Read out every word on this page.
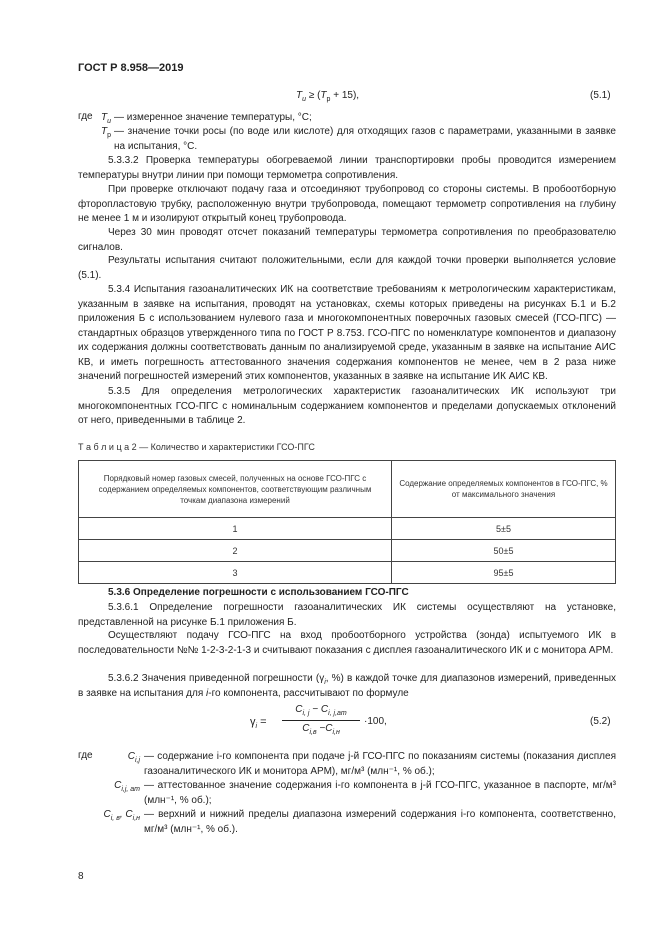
ГОСТ Р 8.958—2019
$T_и \ge (T_р + 15)$,	(5.1)
где $T_и$ — измеренное значение температуры, °С;
$T_р$ — значение точки росы (по воде или кислоте) для отходящих газов с параметрами, указанными в заявке на испытания, °С.
5.3.3.2 Проверка температуры обогреваемой линии транспортировки пробы проводится измерением температуры внутри линии при помощи термометра сопротивления.
При проверке отключают подачу газа и отсоединяют трубопровод со стороны системы. В пробоотборную фторопластовую трубку, расположенную внутри трубопровода, помещают термометр сопротивления на глубину не менее 1 м и изолируют открытый конец трубопровода.
Через 30 мин проводят отсчет показаний температуры термометра сопротивления по преобразователю сигналов.
Результаты испытания считают положительными, если для каждой точки проверки выполняется условие (5.1).
5.3.4 Испытания газоаналитических ИК на соответствие требованиям к метрологическим характеристикам, указанным в заявке на испытания, проводят на установках, схемы которых приведены на рисунках Б.1 и Б.2 приложения Б с использованием нулевого газа и многокомпонентных поверочных газовых смесей (ГСО-ПГС) — стандартных образцов утвержденного типа по ГОСТ Р 8.753. ГСО-ПГС по номенклатуре компонентов и диапазону их содержания должны соответствовать данным по анализируемой среде, указанным в заявке на испытание АИС КВ, и иметь погрешность аттестованного значения содержания компонентов не менее, чем в 2 раза ниже значений погрешностей измерений этих компонентов, указанных в заявке на испытание ИК АИС КВ.
5.3.5 Для определения метрологических характеристик газоаналитических ИК используют три многокомпонентных ГСО-ПГС с номинальным содержанием компонентов и пределами допускаемых отклонений от него, приведенными в таблице 2.
Т а б л и ц а 2 — Количество и характеристики ГСО-ПГС
Порядковый номер газовых смесей, полученных на основе ГСО-ПГС с содержанием определяемых компонентов, соответствующим различным точкам диапазона измерений	Содержание определяемых компонентов в ГСО-ПГС, % от максимального значения
1	5±5
2	50±5
3	95±5
5.3.6 Определение погрешности с использованием ГСО-ПГС
5.3.6.1 Определение погрешности газоаналитических ИК системы осуществляют на установке, представленной на рисунке Б.1 приложения Б.
Осуществляют подачу ГСО-ПГС на вход пробоотборного устройства (зонда) испытуемого ИК в последовательности №№ 1-2-3-2-1-3 и считывают показания с дисплея газоаналитического ИК и с монитора АРМ.
5.3.6.2 Значения приведенной погрешности ($\gamma_i$, %) в каждой точке для диапазонов измерений, приведенных в заявке на испытания для i-го компонента, рассчитывают по формуле
$\gamma_i$ =
$C_{i, j} - C_{i, j,ат}$
$C_{i,в} -C_{i,н}$
·100,	(5.2)
где	$C_{i,j}$ — содержание i-го компонента при подаче j-й ГСО-ПГС по показаниям системы (показания дисплея газоаналитического ИК и монитора АРМ), мг/м³ (млн⁻¹, % об.);
$C_{i,j, ат}$ — аттестованное значение содержания i-го компонента в j-й ГСО-ПГС, указанное в паспорте, мг/м³ (млн⁻¹, % об.);
$C_{i, в}$, $C_{i,н}$ — верхний и нижний пределы диапазона измерений содержания i-го компонента, соответственно, мг/м³ (млн⁻¹, % об.).
8
